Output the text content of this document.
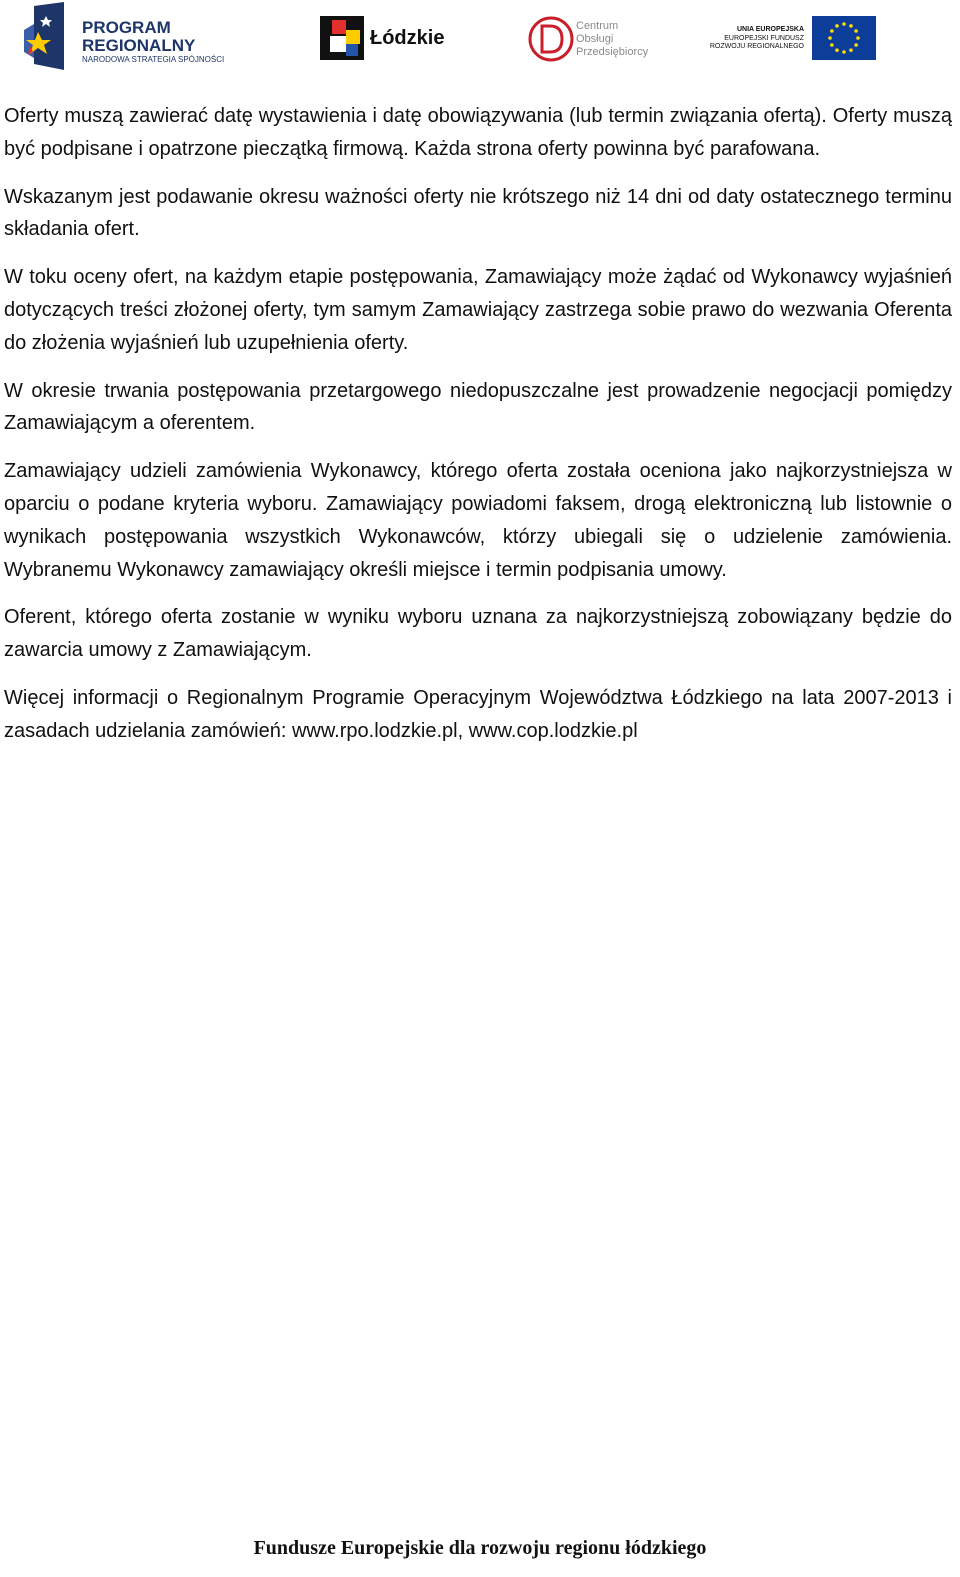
PROGRAM
REGIONALNY
NARODOWA STRATEGIA SPÓJNOŚCI
Łódzkie
Centrum
Obsługi
Przedsiębiorcy
UNIA EUROPEJSKA
EUROPEJSKI FUNDUSZ
ROZWOJU REGIONALNEGO

Oferty muszą zawierać datę wystawienia i datę obowiązywania (lub termin związania ofertą). Oferty muszą być podpisane i opatrzone pieczątką firmową. Każda strona oferty powinna być parafowana.

Wskazanym jest podawanie okresu ważności oferty nie krótszego niż 14 dni od daty ostatecznego terminu składania ofert.

W toku oceny ofert, na każdym etapie postępowania, Zamawiający może żądać od Wykonawcy wyjaśnień dotyczących treści złożonej oferty, tym samym Zamawiający zastrzega sobie prawo do wezwania Oferenta do złożenia wyjaśnień lub uzupełnienia oferty.

W okresie trwania postępowania przetargowego niedopuszczalne jest prowadzenie negocjacji pomiędzy Zamawiającym a oferentem.

Zamawiający udzieli zamówienia Wykonawcy, którego oferta została oceniona jako najkorzystniejsza w oparciu o podane kryteria wyboru. Zamawiający powiadomi faksem, drogą elektroniczną lub listownie o wynikach postępowania wszystkich Wykonawców, którzy ubiegali się o udzielenie zamówienia. Wybranemu Wykonawcy zamawiający określi miejsce i termin podpisania umowy.

Oferent, którego oferta zostanie w wyniku wyboru uznana za najkorzystniejszą zobowiązany będzie do zawarcia umowy z Zamawiającym.

Więcej informacji o Regionalnym Programie Operacyjnym Województwa Łódzkiego na lata 2007-2013 i zasadach udzielania zamówień: www.rpo.lodzkie.pl, www.cop.lodzkie.pl

Fundusze Europejskie dla rozwoju regionu łódzkiego
